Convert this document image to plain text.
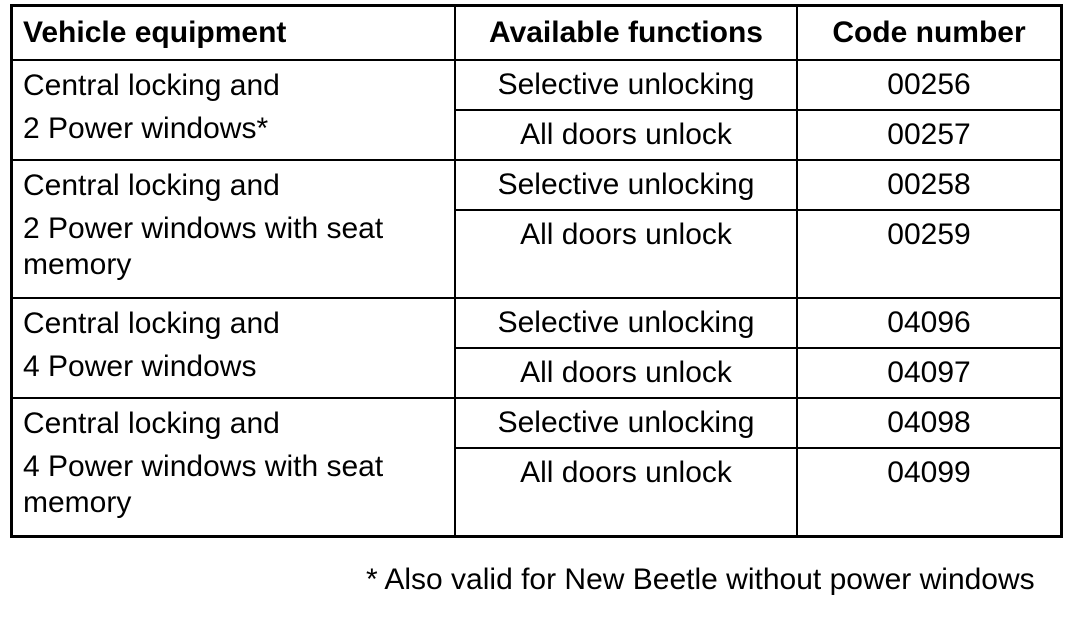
Vehicle equipment	Available functions	Code number

Central locking and
2 Power windows*	Selective unlocking	00256
	All doors unlock	00257

Central locking and
2 Power windows with seat memory	Selective unlocking	00258
	All doors unlock	00259

Central locking and
4 Power windows	Selective unlocking	04096
	All doors unlock	04097

Central locking and
4 Power windows with seat memory	Selective unlocking	04098
	All doors unlock	04099
* Also valid for New Beetle without power windows
